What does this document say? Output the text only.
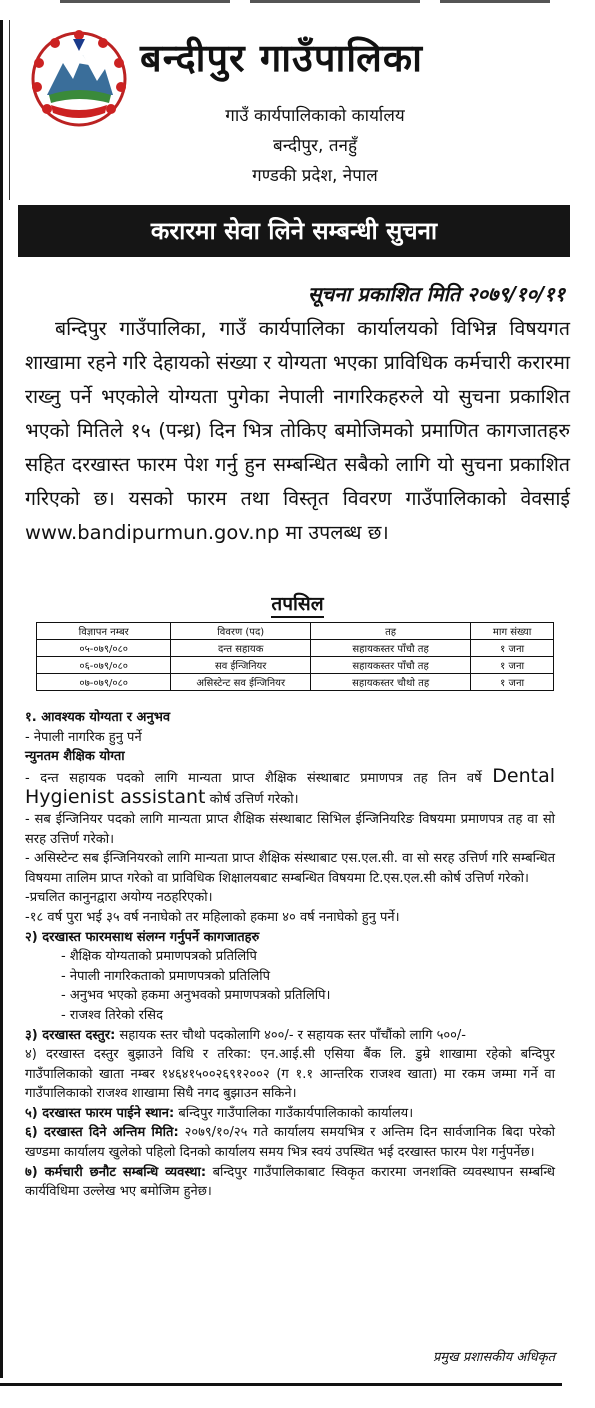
बन्दीपुर गाउँपालिका
गाउँ कार्यपालिकाको कार्यालय
बन्दीपुर, तनहुँ
गण्डकी प्रदेश, नेपाल
करारमा सेवा लिने सम्बन्धी सुचना
सूचना प्रकाशित मिति २०७९/१०/११

बन्दिपुर गाउँपालिका, गाउँ कार्यपालिका कार्यालयको विभिन्न विषयगत शाखामा रहने गरि देहायको संख्या र योग्यता भएका प्राविधिक कर्मचारी करारमा राख्नु पर्ने भएकोले योग्यता पुगेका नेपाली नागरिकहरुले यो सुचना प्रकाशित भएको मितिले १५ (पन्ध्र) दिन भित्र तोकिए बमोजिमको प्रमाणित कागजातहरु सहित दरखास्त फारम पेश गर्नु हुन सम्बन्धित सबैको लागि यो सुचना प्रकाशित गरिएको छ। यसको फारम तथा विस्तृत विवरण गाउँपालिकाको वेवसाई www.bandipurmun.gov.np मा उपलब्ध छ।

तपसिल
विज्ञापन नम्बर	विवरण (पद)	तह	माग संख्या
०५-०७९/०८०	दन्त सहायक	सहायकस्तर पाँचौ तह	१ जना
०६-०७९/०८०	सव ईन्जिनियर	सहायकस्तर पाँचौ तह	१ जना
०७-०७९/०८०	असिस्टेन्ट सव ईन्जिनियर	सहायकस्तर चौथो तह	१ जना

१. आवश्यक योग्यता र अनुभव

- नेपाली नागरिक हुनु पर्ने

न्युनतम शैक्षिक योग्ता

- दन्त सहायक पदको लागि मान्यता प्राप्त शैक्षिक संस्थाबाट प्रमाणपत्र तह तिन वर्षे Dental Hygienist assistant कोर्ष उत्तिर्ण गरेको।

- सब ईन्जिनियर पदको लागि मान्यता प्राप्त शैक्षिक संस्थाबाट सिभिल ईन्जिनियरिङ विषयमा प्रमाणपत्र तह वा सो सरह उत्तिर्ण गरेको।

- असिस्टेन्ट सब ईन्जिनियरको लागि मान्यता प्राप्त शैक्षिक संस्थाबाट एस.एल.सी. वा सो सरह उत्तिर्ण गरि सम्बन्धित विषयमा तालिम प्राप्त गरेको वा प्राविधिक शिक्षालयबाट सम्बन्धित विषयमा टि.एस.एल.सी कोर्ष उत्तिर्ण गरेको।

-प्रचलित कानुनद्वारा अयोग्य नठहरिएको।

-१८ वर्ष पुरा भई ३५ वर्ष ननाघेको तर महिलाको हकमा ४० वर्ष ननाघेको हुनु पर्ने।

२) दरखास्त फारमसाथ संलग्न गर्नुपर्ने कागजातहरु

- शैक्षिक योग्यताको प्रमाणपत्रको प्रतिलिपि

- नेपाली नागरिकताको प्रमाणपत्रको प्रतिलिपि

- अनुभव भएको हकमा अनुभवको प्रमाणपत्रको प्रतिलिपि।

- राजश्व तिरेको रसिद

३) दरखास्त दस्तुर: सहायक स्तर चौथो पदकोलागि ४००/- र सहायक स्तर पाँचौंको लागि ५००/-

४) दरखास्त दस्तुर बुझाउने विधि र तरिका: एन.आई.सी एसिया बैंक लि. डुम्रे शाखामा रहेको बन्दिपुर गाउँपालिकाको खाता नम्बर १४६४१५००२६९१२००२ (ग १.१ आन्तरिक राजश्व खाता) मा रकम जम्मा गर्ने वा गाउँपालिकाको राजश्व शाखामा सिधै नगद बुझाउन सकिने।

५) दरखास्त फारम पाईने स्थान: बन्दिपुर गाउँपालिका गाउँकार्यपालिकाको कार्यालय।

६) दरखास्त दिने अन्तिम मिति: २०७९/१०/२५ गते कार्यालय समयभित्र र अन्तिम दिन सार्वजानिक बिदा परेको खण्डमा कार्यालय खुलेको पहिलो दिनको कार्यालय समय भित्र स्वयं उपस्थित भई दरखास्त फारम पेश गर्नुपर्नेछ।

७) कर्मचारी छनौट सम्बन्धि व्यवस्था: बन्दिपुर गाउँपालिकाबाट स्विकृत करारमा जनशक्ति व्यवस्थापन सम्बन्धि कार्यविधिमा उल्लेख भए बमोजिम हुनेछ।

प्रमुख प्रशासकीय अधिकृत
